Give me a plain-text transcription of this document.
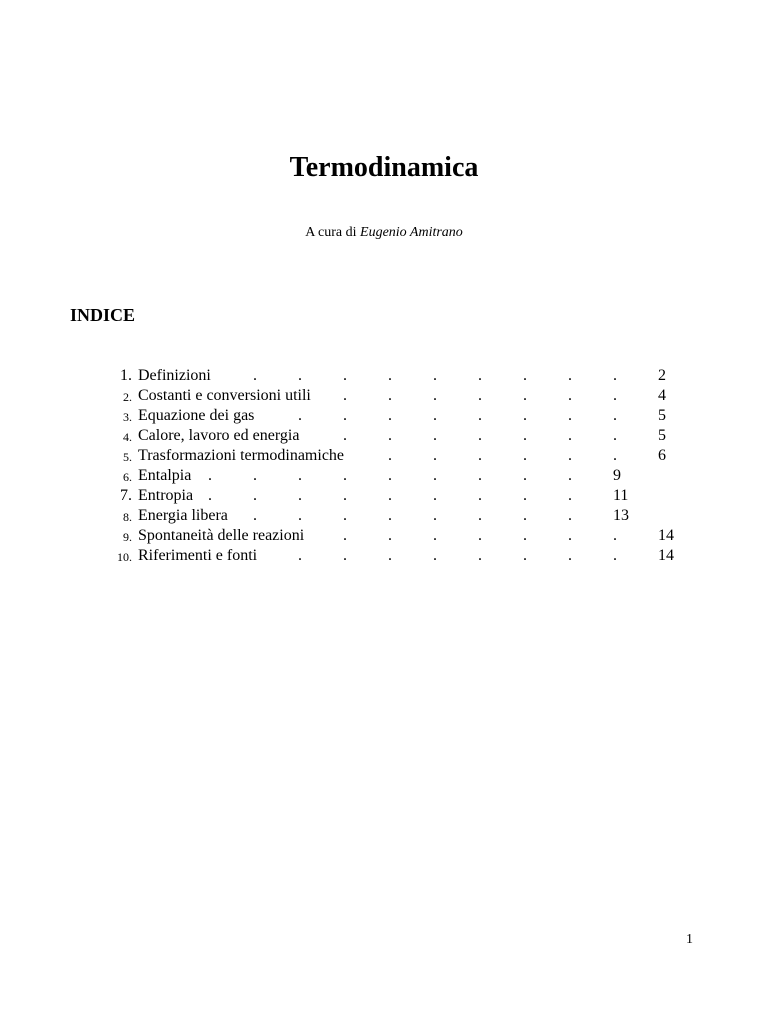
Termodinamica
A cura di Eugenio Amitrano
INDICE
1. Definizioni	.	.	.	.	.	.	.	.	.	2
2. Costanti e conversioni utili .	.	.	.	.	.	.	4
3. Equazione dei gas	.	.	.	.	.	.	.	.	5
4. Calore, lavoro ed energia	.	.	.	.	.	.	.	5
5. Trasformazioni termodinamiche	.	.	.	.	.	.	6
6. Entalpia .	.	.	.	.	.	.	.	.	9
7. Entropia .	.	.	.	.	.	.	.	.	11
8. Energia libera .	.	.	.	.	.	.	.	13
9. Spontaneità delle reazioni .	.	.	.	.	.	.	14
10. Riferimenti e fonti	.	.	.	.	.	.	.	.	14
1
